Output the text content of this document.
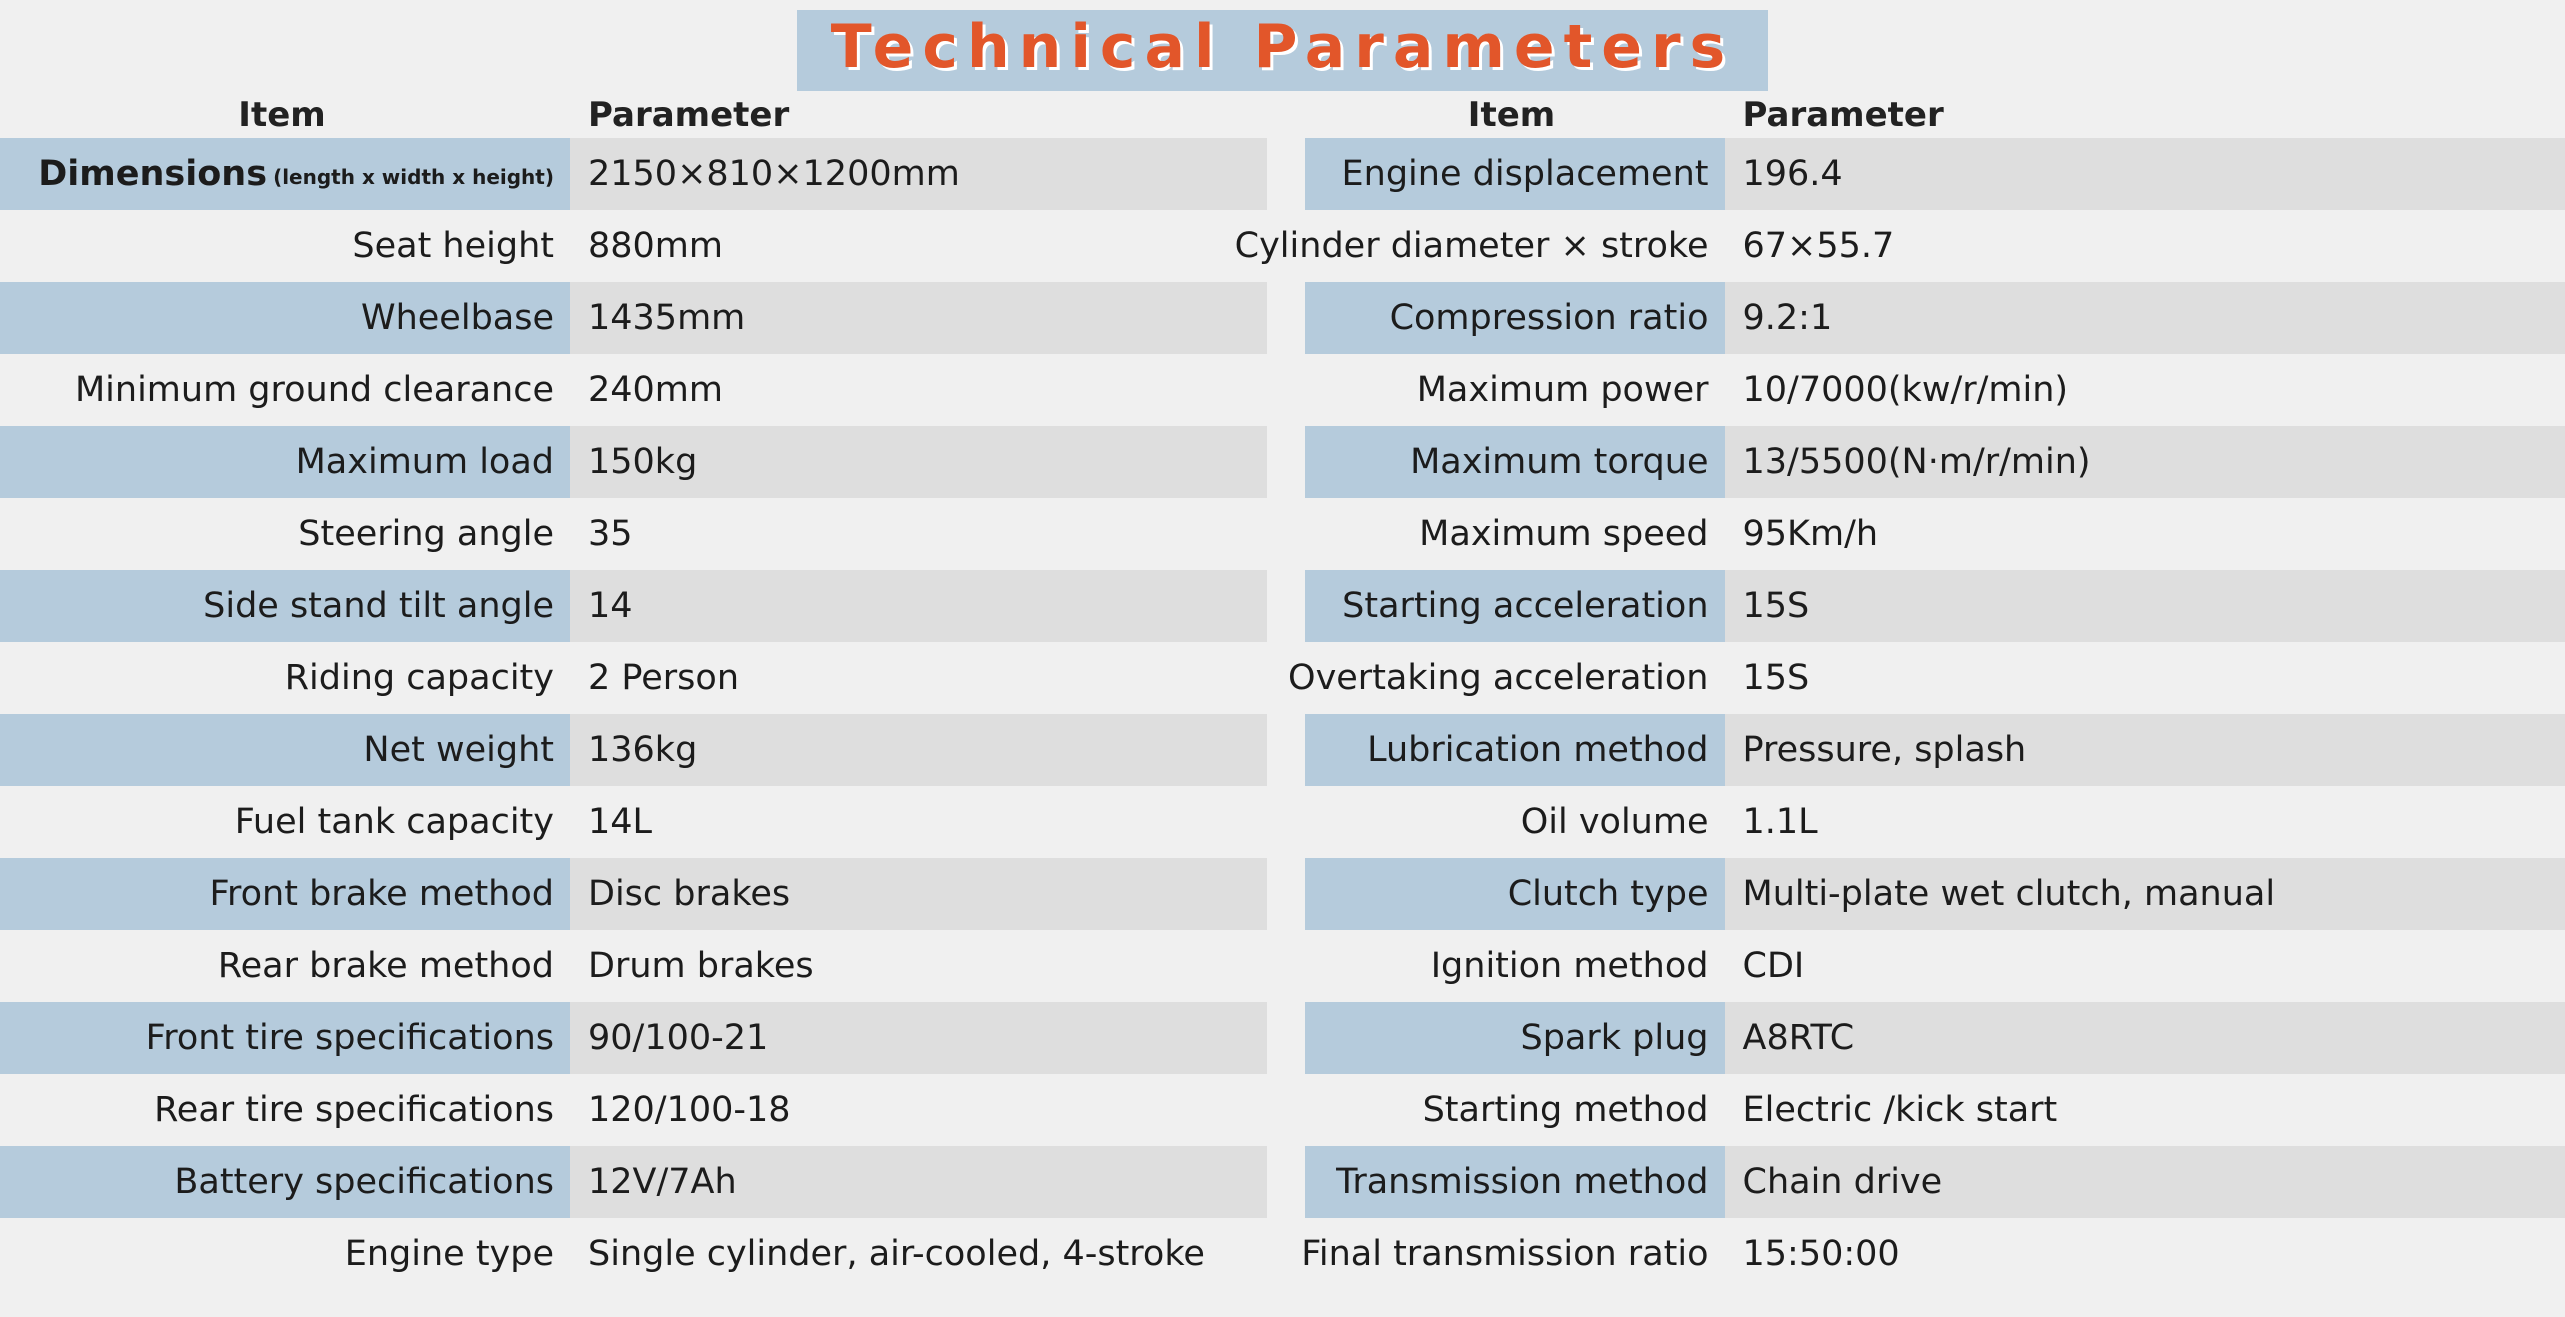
Technical Parameters
Item	Parameter
Dimensions (length x width x height) 2150×810×1200mm
Seat height 880mm
Wheelbase 1435mm
Minimum ground clearance 240mm
Maximum load 150kg
Steering angle 35
Side stand tilt angle 14
Riding capacity 2 Person
Net weight 136kg
Fuel tank capacity 14L
Front brake method Disc brakes
Rear brake method Drum brakes
Front tire specifications 90/100-21
Rear tire specifications 120/100-18
Battery specifications 12V/7Ah
Engine type Single cylinder, air-cooled, 4-stroke
Item	Parameter
Engine displacement 196.4
Cylinder diameter × stroke 67×55.7
Compression ratio 9.2:1
Maximum power 10/7000(kw/r/min)
Maximum torque 13/5500(N·m/r/min)
Maximum speed 95Km/h
Starting acceleration 15S
Overtaking acceleration 15S
Lubrication method Pressure, splash
Oil volume 1.1L
Clutch type Multi-plate wet clutch, manual
Ignition method CDI
Spark plug A8RTC
Starting method Electric /kick start
Transmission method Chain drive
Final transmission ratio 15:50:00
